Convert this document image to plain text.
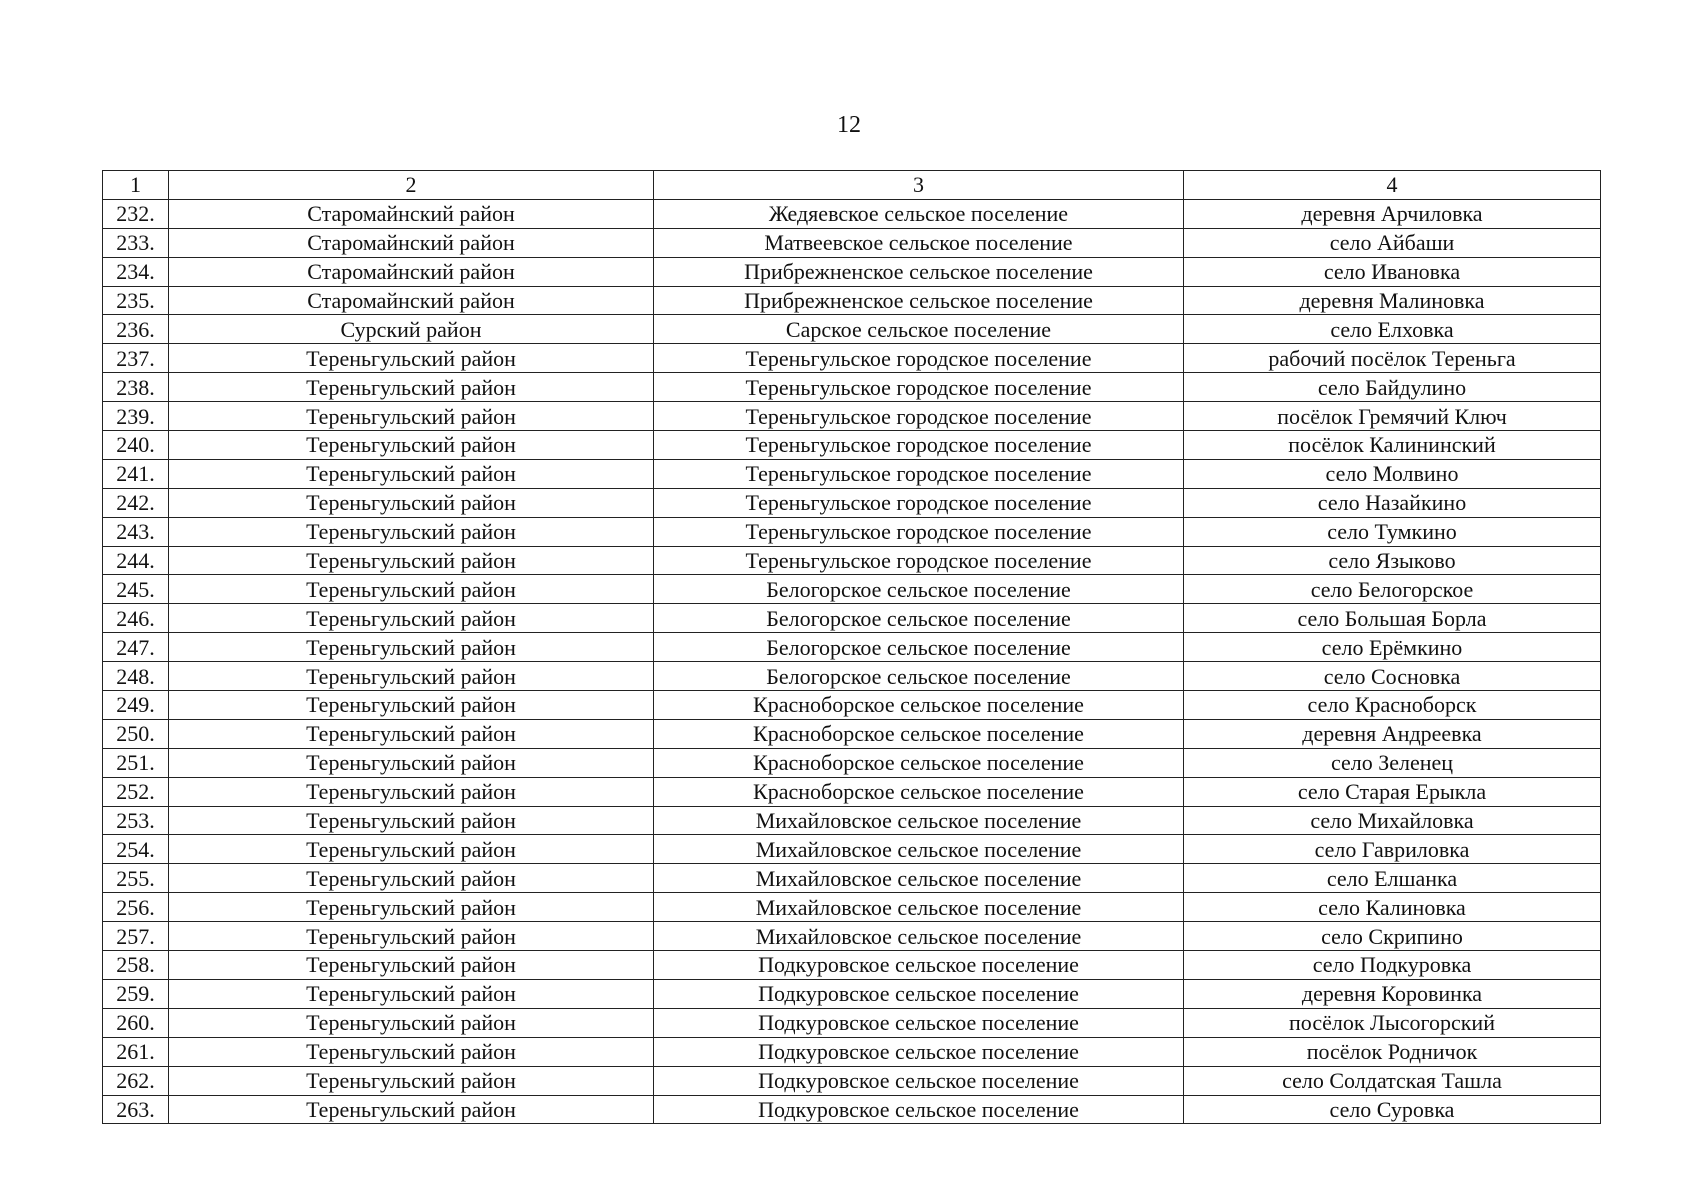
12
1	2	3	4
232.	Старомайнский район	Жедяевское сельское поселение	деревня Арчиловка
233.	Старомайнский район	Матвеевское сельское поселение	село Айбаши
234.	Старомайнский район	Прибрежненское сельское поселение	село Ивановка
235.	Старомайнский район	Прибрежненское сельское поселение	деревня Малиновка
236.	Сурский район	Сарское сельское поселение	село Елховка
237.	Тереньгульский район	Тереньгульское городское поселение	рабочий посёлок Тереньга
238.	Тереньгульский район	Тереньгульское городское поселение	село Байдулино
239.	Тереньгульский район	Тереньгульское городское поселение	посёлок Гремячий Ключ
240.	Тереньгульский район	Тереньгульское городское поселение	посёлок Калининский
241.	Тереньгульский район	Тереньгульское городское поселение	село Молвино
242.	Тереньгульский район	Тереньгульское городское поселение	село Назайкино
243.	Тереньгульский район	Тереньгульское городское поселение	село Тумкино
244.	Тереньгульский район	Тереньгульское городское поселение	село Языково
245.	Тереньгульский район	Белогорское сельское поселение	село Белогорское
246.	Тереньгульский район	Белогорское сельское поселение	село Большая Борла
247.	Тереньгульский район	Белогорское сельское поселение	село Ерёмкино
248.	Тереньгульский район	Белогорское сельское поселение	село Сосновка
249.	Тереньгульский район	Красноборское сельское поселение	село Красноборск
250.	Тереньгульский район	Красноборское сельское поселение	деревня Андреевка
251.	Тереньгульский район	Красноборское сельское поселение	село Зеленец
252.	Тереньгульский район	Красноборское сельское поселение	село Старая Ерыкла
253.	Тереньгульский район	Михайловское сельское поселение	село Михайловка
254.	Тереньгульский район	Михайловское сельское поселение	село Гавриловка
255.	Тереньгульский район	Михайловское сельское поселение	село Елшанка
256.	Тереньгульский район	Михайловское сельское поселение	село Калиновка
257.	Тереньгульский район	Михайловское сельское поселение	село Скрипино
258.	Тереньгульский район	Подкуровское сельское поселение	село Подкуровка
259.	Тереньгульский район	Подкуровское сельское поселение	деревня Коровинка
260.	Тереньгульский район	Подкуровское сельское поселение	посёлок Лысогорский
261.	Тереньгульский район	Подкуровское сельское поселение	посёлок Родничок
262.	Тереньгульский район	Подкуровское сельское поселение	село Солдатская Ташла
263.	Тереньгульский район	Подкуровское сельское поселение	село Суровка
